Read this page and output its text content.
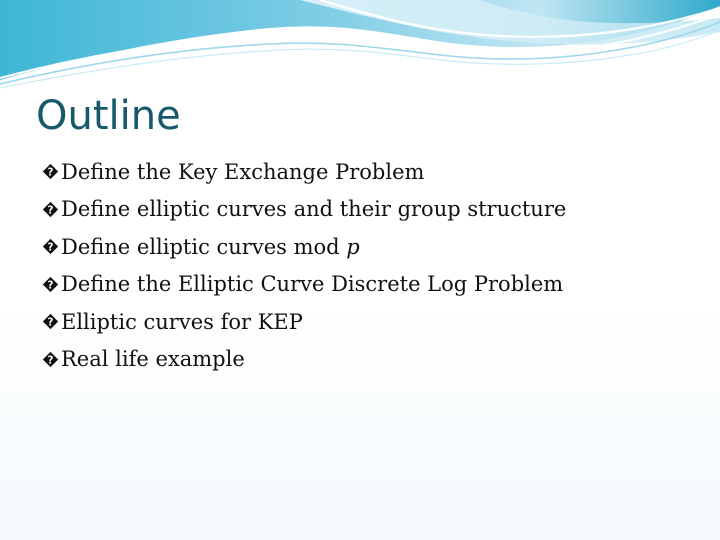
Outline
? Define the Key Exchange Problem
? Define elliptic curves and their group structure
? Define elliptic curves mod p
? Define the Elliptic Curve Discrete Log Problem
? Elliptic curves for KEP
? Real life example
